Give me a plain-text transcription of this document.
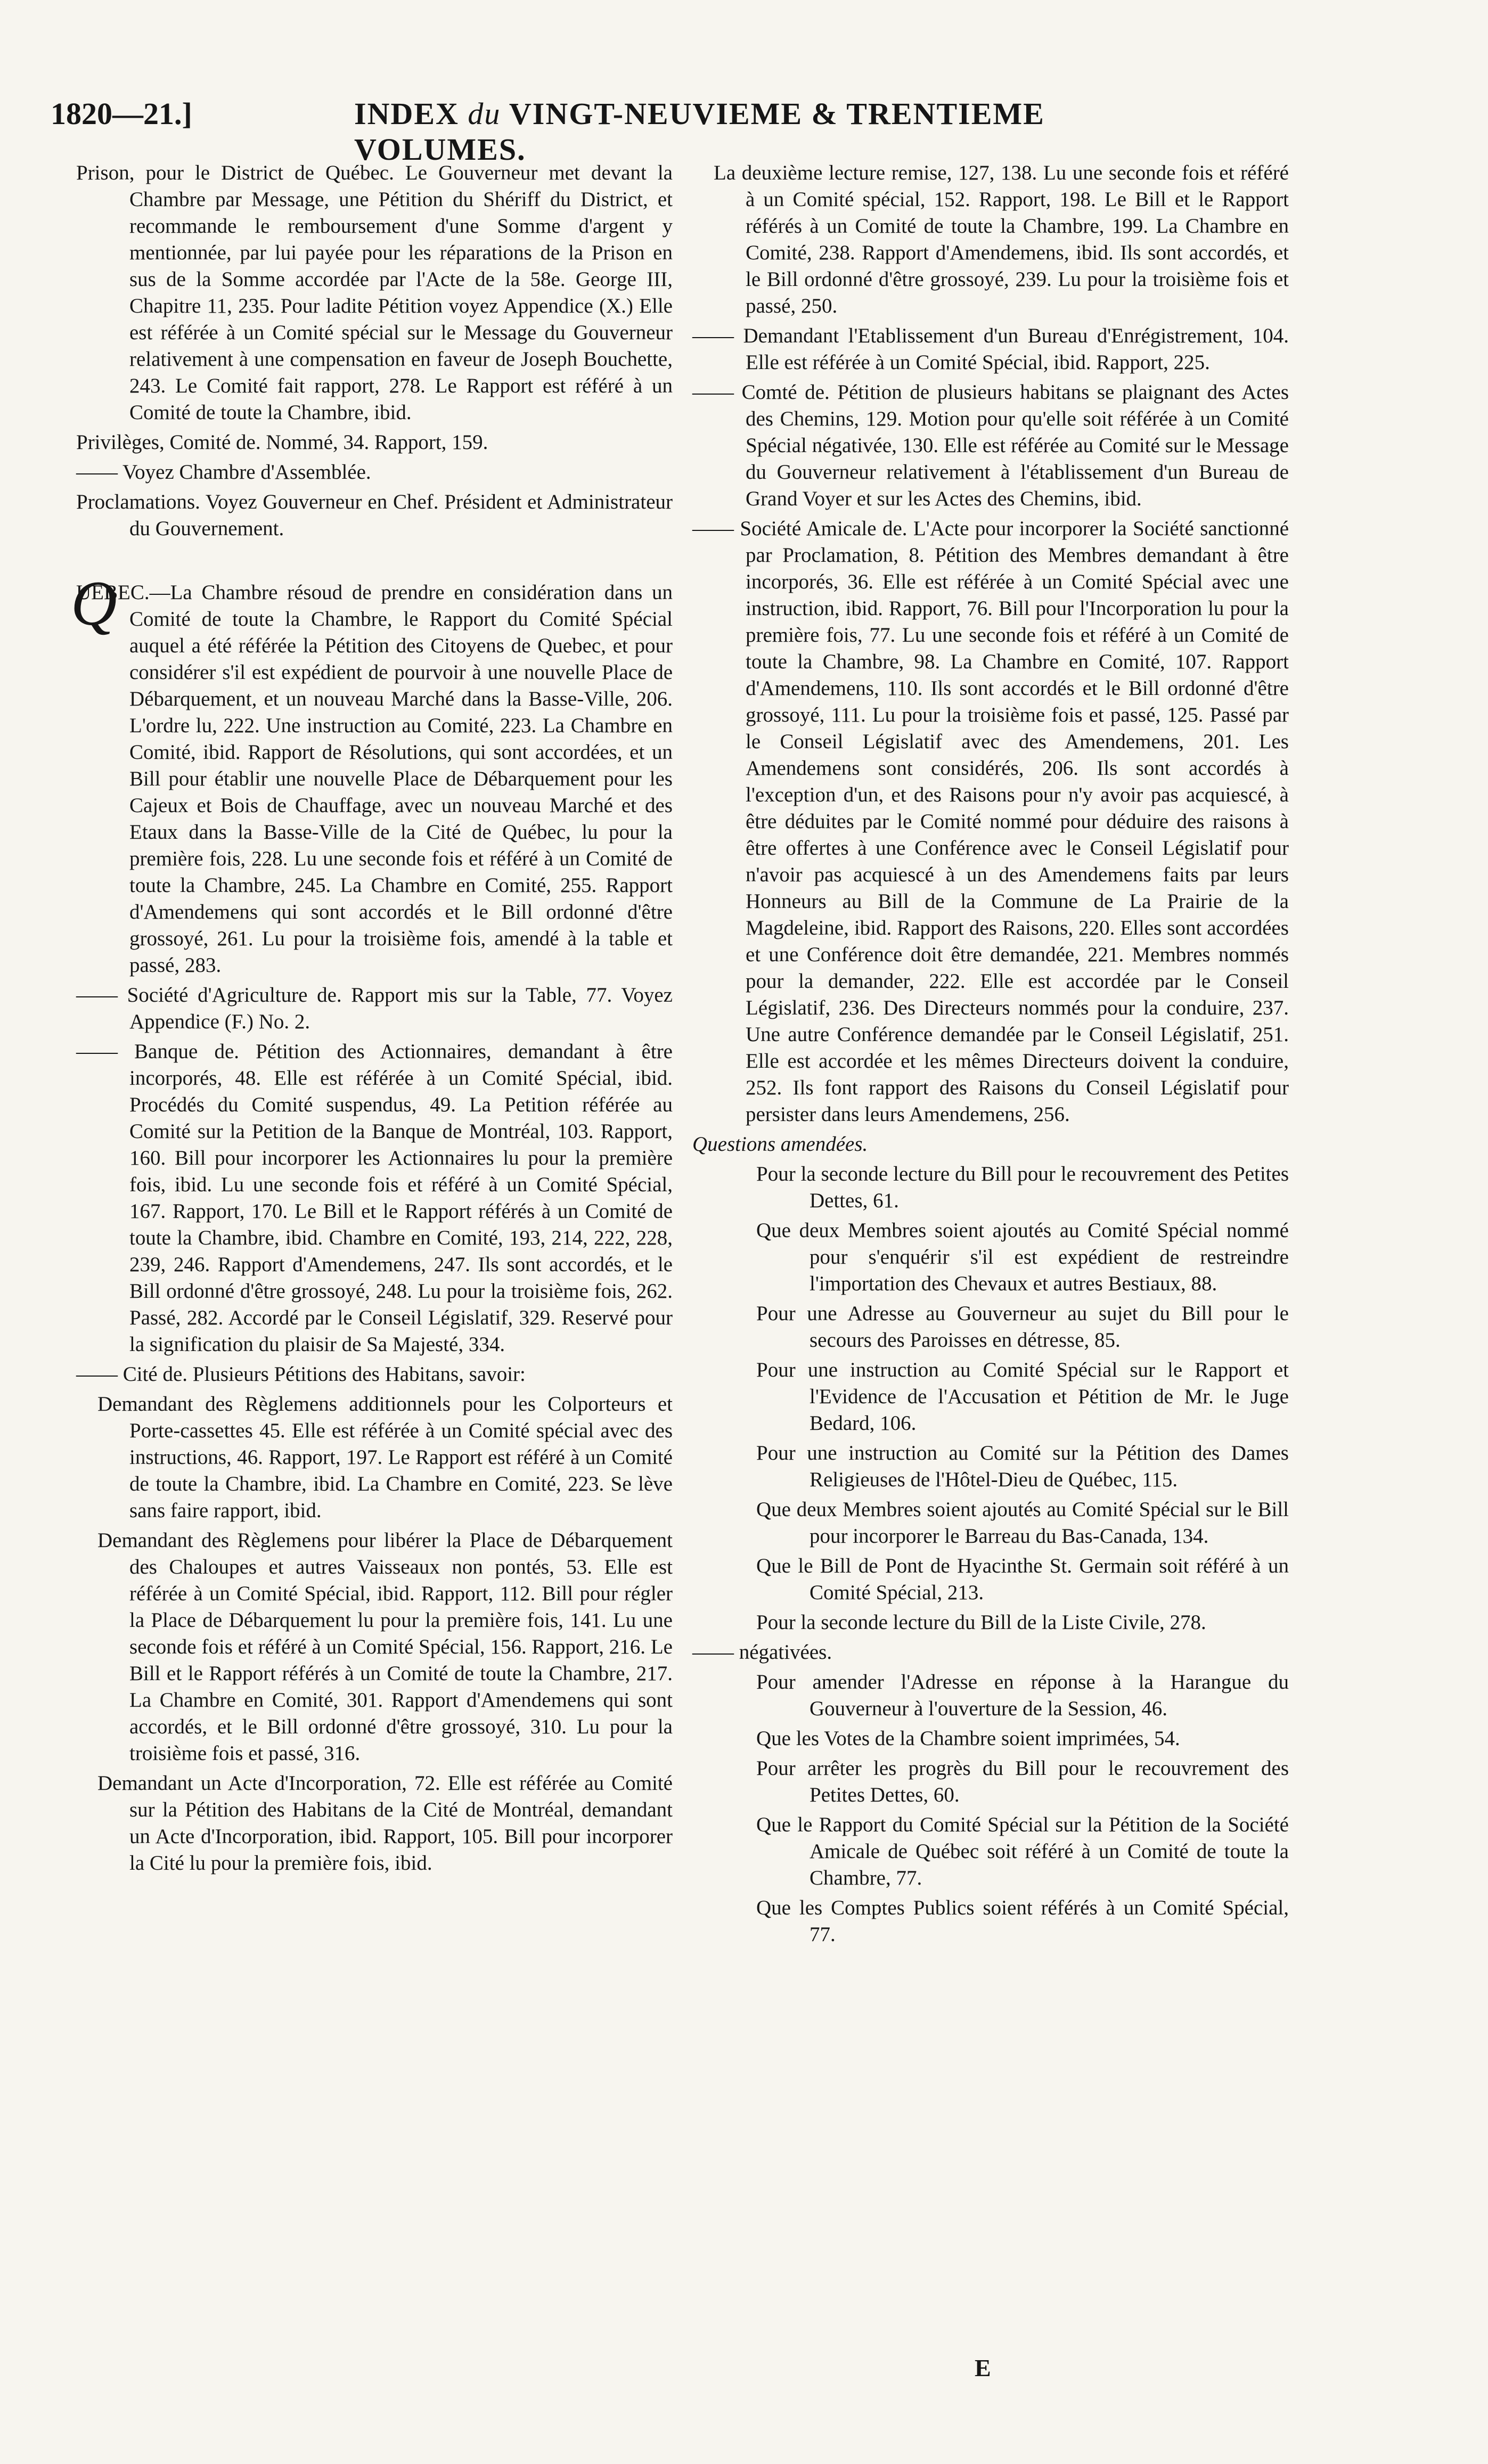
1820—21.]	INDEX du VINGT-NEUVIEME & TRENTIEME VOLUMES.
Prison, pour le District de Québec. Le Gouverneur met devant la Chambre par Message, une Pétition du Shériff du District, et recommande le remboursement d'une Somme d'argent y mentionnée, par lui payée pour les réparations de la Prison en sus de la Somme accordée par l'Acte de la 58e. George III, Chapitre 11, 235. Pour ladite Pétition voyez Appendice (X.) Elle est référée à un Comité spécial sur le Message du Gouverneur relativement à une compensation en faveur de Joseph Bouchette, 243. Le Comité fait rapport, 278. Le Rapport est référé à un Comité de toute la Chambre, ibid.
Privilèges, Comité de. Nommé, 34. Rapport, 159.
—— Voyez Chambre d'Assemblée.
Proclamations. Voyez Gouverneur en Chef. Président et Administrateur du Gouvernement.
Q
UEBEC.—La Chambre résoud de prendre en considération dans un Comité de toute la Chambre, le Rapport du Comité Spécial auquel a été référée la Pétition des Citoyens de Quebec, et pour considérer s'il est expédient de pourvoir à une nouvelle Place de Débarquement, et un nouveau Marché dans la Basse-Ville, 206. L'ordre lu, 222. Une instruction au Comité, 223. La Chambre en Comité, ibid. Rapport de Résolutions, qui sont accordées, et un Bill pour établir une nouvelle Place de Débarquement pour les Cajeux et Bois de Chauffage, avec un nouveau Marché et des Etaux dans la Basse-Ville de la Cité de Québec, lu pour la première fois, 228. Lu une seconde fois et référé à un Comité de toute la Chambre, 245. La Chambre en Comité, 255. Rapport d'Amendemens qui sont accordés et le Bill ordonné d'être grossoyé, 261. Lu pour la troisième fois, amendé à la table et passé, 283.
—— Société d'Agriculture de. Rapport mis sur la Table, 77. Voyez Appendice (F.) No. 2.
—— Banque de. Pétition des Actionnaires, demandant à être incorporés, 48. Elle est référée à un Comité Spécial, ibid. Procédés du Comité suspendus, 49. La Petition référée au Comité sur la Petition de la Banque de Montréal, 103. Rapport, 160. Bill pour incorporer les Actionnaires lu pour la première fois, ibid. Lu une seconde fois et référé à un Comité Spécial, 167. Rapport, 170. Le Bill et le Rapport référés à un Comité de toute la Chambre, ibid. Chambre en Comité, 193, 214, 222, 228, 239, 246. Rapport d'Amendemens, 247. Ils sont accordés, et le Bill ordonné d'être grossoyé, 248. Lu pour la troisième fois, 262. Passé, 282. Accordé par le Conseil Législatif, 329. Reservé pour la signification du plaisir de Sa Majesté, 334.
—— Cité de. Plusieurs Pétitions des Habitans, savoir:
Demandant des Règlemens additionnels pour les Colporteurs et Porte-cassettes 45. Elle est référée à un Comité spécial avec des instructions, 46. Rapport, 197. Le Rapport est référé à un Comité de toute la Chambre, ibid. La Chambre en Comité, 223. Se lève sans faire rapport, ibid.
Demandant des Règlemens pour libérer la Place de Débarquement des Chaloupes et autres Vaisseaux non pontés, 53. Elle est référée à un Comité Spécial, ibid. Rapport, 112. Bill pour régler la Place de Débarquement lu pour la première fois, 141. Lu une seconde fois et référé à un Comité Spécial, 156. Rapport, 216. Le Bill et le Rapport référés à un Comité de toute la Chambre, 217. La Chambre en Comité, 301. Rapport d'Amendemens qui sont accordés, et le Bill ordonné d'être grossoyé, 310. Lu pour la troisième fois et passé, 316.
Demandant un Acte d'Incorporation, 72. Elle est référée au Comité sur la Pétition des Habitans de la Cité de Montréal, demandant un Acte d'Incorporation, ibid. Rapport, 105. Bill pour incorporer la Cité lu pour la première fois, ibid.
La deuxième lecture remise, 127, 138. Lu une seconde fois et référé à un Comité spécial, 152. Rapport, 198. Le Bill et le Rapport référés à un Comité de toute la Chambre, 199. La Chambre en Comité, 238. Rapport d'Amendemens, ibid. Ils sont accordés, et le Bill ordonné d'être grossoyé, 239. Lu pour la troisième fois et passé, 250.
—— Demandant l'Etablissement d'un Bureau d'Enrégistrement, 104. Elle est référée à un Comité Spécial, ibid. Rapport, 225.
—— Comté de. Pétition de plusieurs habitans se plaignant des Actes des Chemins, 129. Motion pour qu'elle soit référée à un Comité Spécial négativée, 130. Elle est référée au Comité sur le Message du Gouverneur relativement à l'établissement d'un Bureau de Grand Voyer et sur les Actes des Chemins, ibid.
—— Société Amicale de. L'Acte pour incorporer la Société sanctionné par Proclamation, 8. Pétition des Membres demandant à être incorporés, 36. Elle est référée à un Comité Spécial avec une instruction, ibid. Rapport, 76. Bill pour l'Incorporation lu pour la première fois, 77. Lu une seconde fois et référé à un Comité de toute la Chambre, 98. La Chambre en Comité, 107. Rapport d'Amendemens, 110. Ils sont accordés et le Bill ordonné d'être grossoyé, 111. Lu pour la troisième fois et passé, 125. Passé par le Conseil Législatif avec des Amendemens, 201. Les Amendemens sont considérés, 206. Ils sont accordés à l'exception d'un, et des Raisons pour n'y avoir pas acquiescé, à être déduites par le Comité nommé pour déduire des raisons à être offertes à une Conférence avec le Conseil Législatif pour n'avoir pas acquiescé à un des Amendemens faits par leurs Honneurs au Bill de la Commune de La Prairie de la Magdeleine, ibid. Rapport des Raisons, 220. Elles sont accordées et une Conférence doit être demandée, 221. Membres nommés pour la demander, 222. Elle est accordée par le Conseil Législatif, 236. Des Directeurs nommés pour la conduire, 237. Une autre Conférence demandée par le Conseil Législatif, 251. Elle est accordée et les mêmes Directeurs doivent la conduire, 252. Ils font rapport des Raisons du Conseil Législatif pour persister dans leurs Amendemens, 256.
Questions amendées.
Pour la seconde lecture du Bill pour le recouvrement des Petites Dettes, 61.
Que deux Membres soient ajoutés au Comité Spécial nommé pour s'enquérir s'il est expédient de restreindre l'importation des Chevaux et autres Bestiaux, 88.
Pour une Adresse au Gouverneur au sujet du Bill pour le secours des Paroisses en détresse, 85.
Pour une instruction au Comité Spécial sur le Rapport et l'Evidence de l'Accusation et Pétition de Mr. le Juge Bedard, 106.
Pour une instruction au Comité sur la Pétition des Dames Religieuses de l'Hôtel-Dieu de Québec, 115.
Que deux Membres soient ajoutés au Comité Spécial sur le Bill pour incorporer le Barreau du Bas-Canada, 134.
Que le Bill de Pont de Hyacinthe St. Germain soit référé à un Comité Spécial, 213.
Pour la seconde lecture du Bill de la Liste Civile, 278.
—— négativées.
Pour amender l'Adresse en réponse à la Harangue du Gouverneur à l'ouverture de la Session, 46.
Que les Votes de la Chambre soient imprimées, 54.
Pour arrêter les progrès du Bill pour le recouvrement des Petites Dettes, 60.
Que le Rapport du Comité Spécial sur la Pétition de la Société Amicale de Québec soit référé à un Comité de toute la Chambre, 77.
Que les Comptes Publics soient référés à un Comité Spécial, 77.
E
